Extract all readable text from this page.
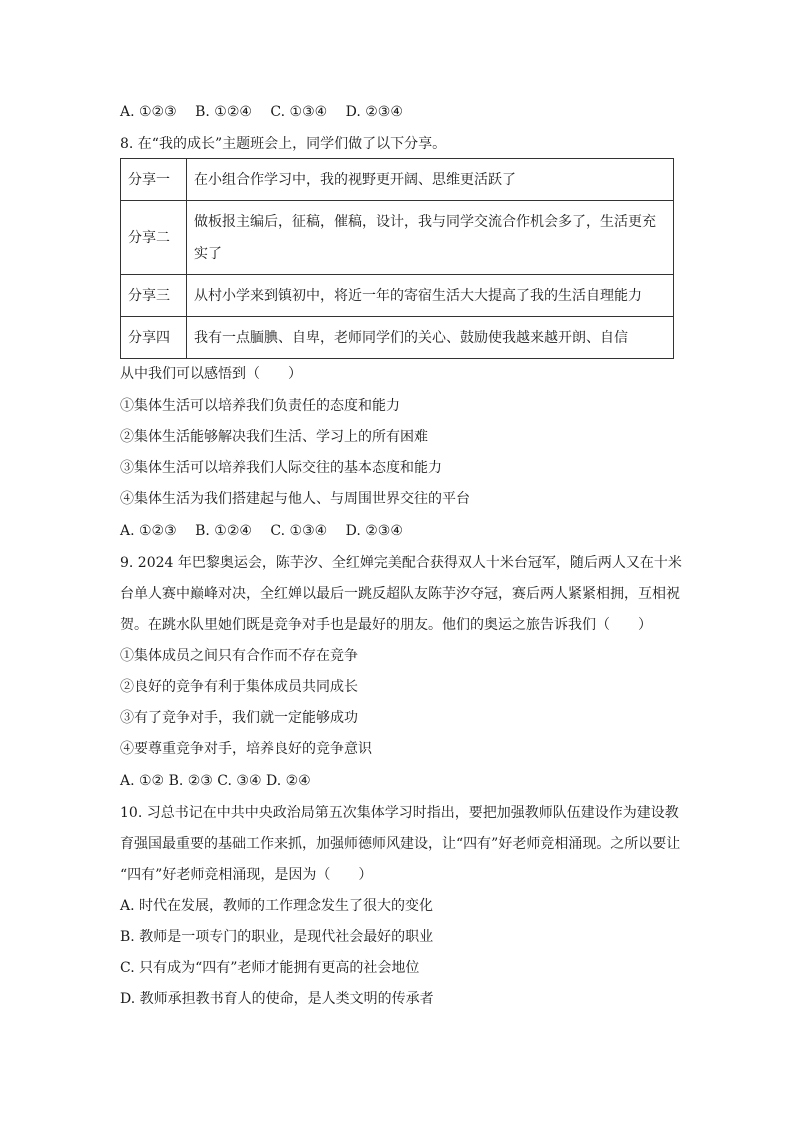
A. ①②③　 B. ①②④　 C. ①③④　 D. ②③④
8. 在“我的成长”主题班会上，同学们做了以下分享。
分享一	在小组合作学习中，我的视野更开阔、思维更活跃了
分享二	做板报主编后，征稿，催稿，设计，我与同学交流合作机会多了，生活更充实了
分享三	从村小学来到镇初中，将近一年的寄宿生活大大提高了我的生活自理能力
分享四	我有一点腼腆、自卑，老师同学们的关心、鼓励使我越来越开朗、自信
从中我们可以感悟到（　　）
①集体生活可以培养我们负责任的态度和能力
②集体生活能够解决我们生活、学习上的所有困难
③集体生活可以培养我们人际交往的基本态度和能力
④集体生活为我们搭建起与他人、与周围世界交往的平台
A. ①②③　 B. ①②④　 C. ①③④　 D. ②③④
9. 2024 年巴黎奥运会，陈芋汐、全红婵完美配合获得双人十米台冠军，随后两人又在十米
台单人赛中巅峰对决，全红婵以最后一跳反超队友陈芋汐夺冠，赛后两人紧紧相拥，互相祝
贺。在跳水队里她们既是竞争对手也是最好的朋友。他们的奥运之旅告诉我们（　　）
①集体成员之间只有合作而不存在竞争
②良好的竞争有利于集体成员共同成长
③有了竞争对手，我们就一定能够成功
④要尊重竞争对手，培养良好的竞争意识
A. ①② B. ②③ C. ③④ D. ②④
10. 习总书记在中共中央政治局第五次集体学习时指出，要把加强教师队伍建设作为建设教
育强国最重要的基础工作来抓，加强师德师风建设，让“四有”好老师竞相涌现。之所以要让
“四有”好老师竞相涌现，是因为（　　）
A. 时代在发展，教师的工作理念发生了很大的变化
B. 教师是一项专门的职业，是现代社会最好的职业
C. 只有成为“四有”老师才能拥有更高的社会地位
D. 教师承担教书育人的使命，是人类文明的传承者
